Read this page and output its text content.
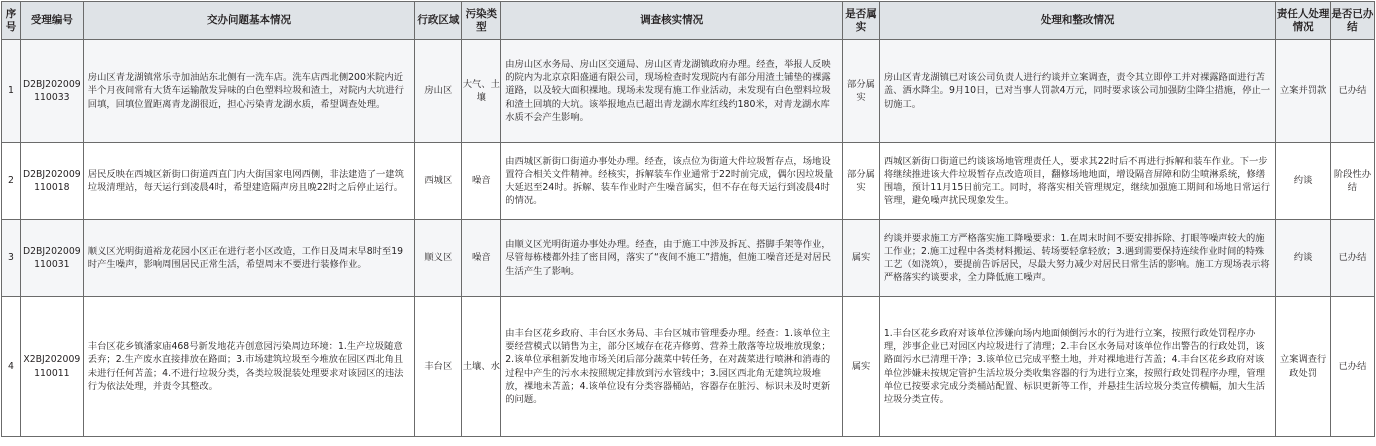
序号	受理编号	交办问题基本情况	行政区域	污染类型	调查核实情况	是否属实	处理和整改情况	责任人处理情况	是否已办结
1	D2BJ202009110033	房山区青龙湖镇常乐寺加油站东北侧有一洗车店。洗车店西北侧200米院内近半个月夜间常有大货车运输散发异味的白色塑料垃圾和渣土，对院内大坑进行回填，回填位置距离青龙湖很近，担心污染青龙湖水质，希望调查处理。	房山区	大气、土壤	由房山区水务局、房山区交通局、房山区青龙湖镇政府办理。经查，举报人反映的院内为北京京阳盛通有限公司，现场检查时发现院内有部分用渣土铺垫的裸露道路，以及较大面积裸地。现场未发现有施工作业活动，未发现有白色塑料垃圾和渣土回填的大坑。该举报地点已超出青龙湖水库红线约180米，对青龙湖水库水质不会产生影响。	部分属实	房山区青龙湖镇已对该公司负责人进行约谈并立案调查，责令其立即停工并对裸露路面进行苫盖、洒水降尘。9月10日，已对当事人罚款4万元，同时要求该公司加强防尘降尘措施，停止一切施工。	立案并罚款	已办结
2	D2BJ202009110018	居民反映在西城区新街口街道西直门内大街国家电网西侧，非法建造了一建筑垃圾清理站，每天运行到凌晨4时，希望建造隔声房且晚22时之后停止运行。	西城区	噪音	由西城区新街口街道办事处办理。经查，该点位为街道大件垃圾暂存点，场地设置符合相关文件精神。经核实，拆解装车作业通常于22时前完成，偶尔因垃圾量大延迟至24时。拆解、装车作业时产生噪音属实，但不存在每天运行到凌晨4时的情况。	部分属实	西城区新街口街道已约谈该场地管理责任人，要求其22时后不再进行拆解和装车作业。下一步将继续推进该大件垃圾暂存点改造项目，翻修场地地面，增设隔音屏障和防尘喷淋系统，修缮围墙，预计11月15日前完工。同时，将落实相关管理规定，继续加强施工期间和场地日常运行管理，避免噪声扰民现象发生。	约谈	阶段性办结
3	D2BJ202009110031	顺义区光明街道裕龙花园小区正在进行老小区改造，工作日及周末早8时至19时产生噪声，影响周围居民正常生活，希望周末不要进行装修作业。	顺义区	噪音	由顺义区光明街道办事处办理。经查，由于施工中涉及拆瓦、搭脚手架等作业，尽管每栋楼都外挂了密目网，落实了“夜间不施工”措施，但施工噪音还是对居民生活产生了影响。	属实	约谈并要求施工方严格落实施工降噪要求：1.在周末时间不要安排拆除、打眼等噪声较大的施工作业；2.施工过程中各类材料搬运、转场要轻拿轻放；3.遇到需要保持连续作业时间的特殊工艺（如浇筑），要提前告诉居民，尽最大努力减少对居民日常生活的影响。施工方现场表示将严格落实约谈要求，全力降低施工噪声。	约谈	已办结
4	X2BJ202009110011	丰台区花乡镇潘家庙468号新发地花卉创意园污染周边环境：1.生产垃圾随意丢弃；2.生产废水直接排放在路面；3.市场建筑垃圾至今堆放在园区西北角且未进行任何苫盖；4.不进行垃圾分类，各类垃圾混装处理要求对该园区的违法行为依法处理，并责令其整改。	丰台区	土壤、水	由丰台区花乡政府、丰台区水务局、丰台区城市管理委办理。经查：1.该单位主要经营模式以销售为主，部分区域存在花卉修剪、营养土散落等垃圾堆放现象；2.该单位承租新发地市场关闭后部分蔬菜中转任务，在对蔬菜进行喷淋和消毒的过程中产生的污水未按照规定排放到污水管线中；3.园区西北角无建筑垃圾堆放，裸地未苫盖；4.该单位设有分类容器桶站，容器存在脏污、标识未及时更新的问题。	属实	1.丰台区花乡政府对该单位涉嫌向场内地面倾倒污水的行为进行立案，按照行政处罚程序办理，涉事企业已对园区内垃圾进行了清理；2.丰台区水务局对该单位作出警告的行政处罚，该路面污水已清理干净；3.该单位已完成平整土地，并对裸地进行苫盖；4.丰台区花乡政府对该单位涉嫌未按规定管护生活垃圾分类收集容器的行为进行立案，按照行政处罚程序办理，管理单位已按要求完成分类桶站配置、标识更新等工作，并悬挂生活垃圾分类宣传横幅，加大生活垃圾分类宣传。	立案调查行政处罚	已办结
